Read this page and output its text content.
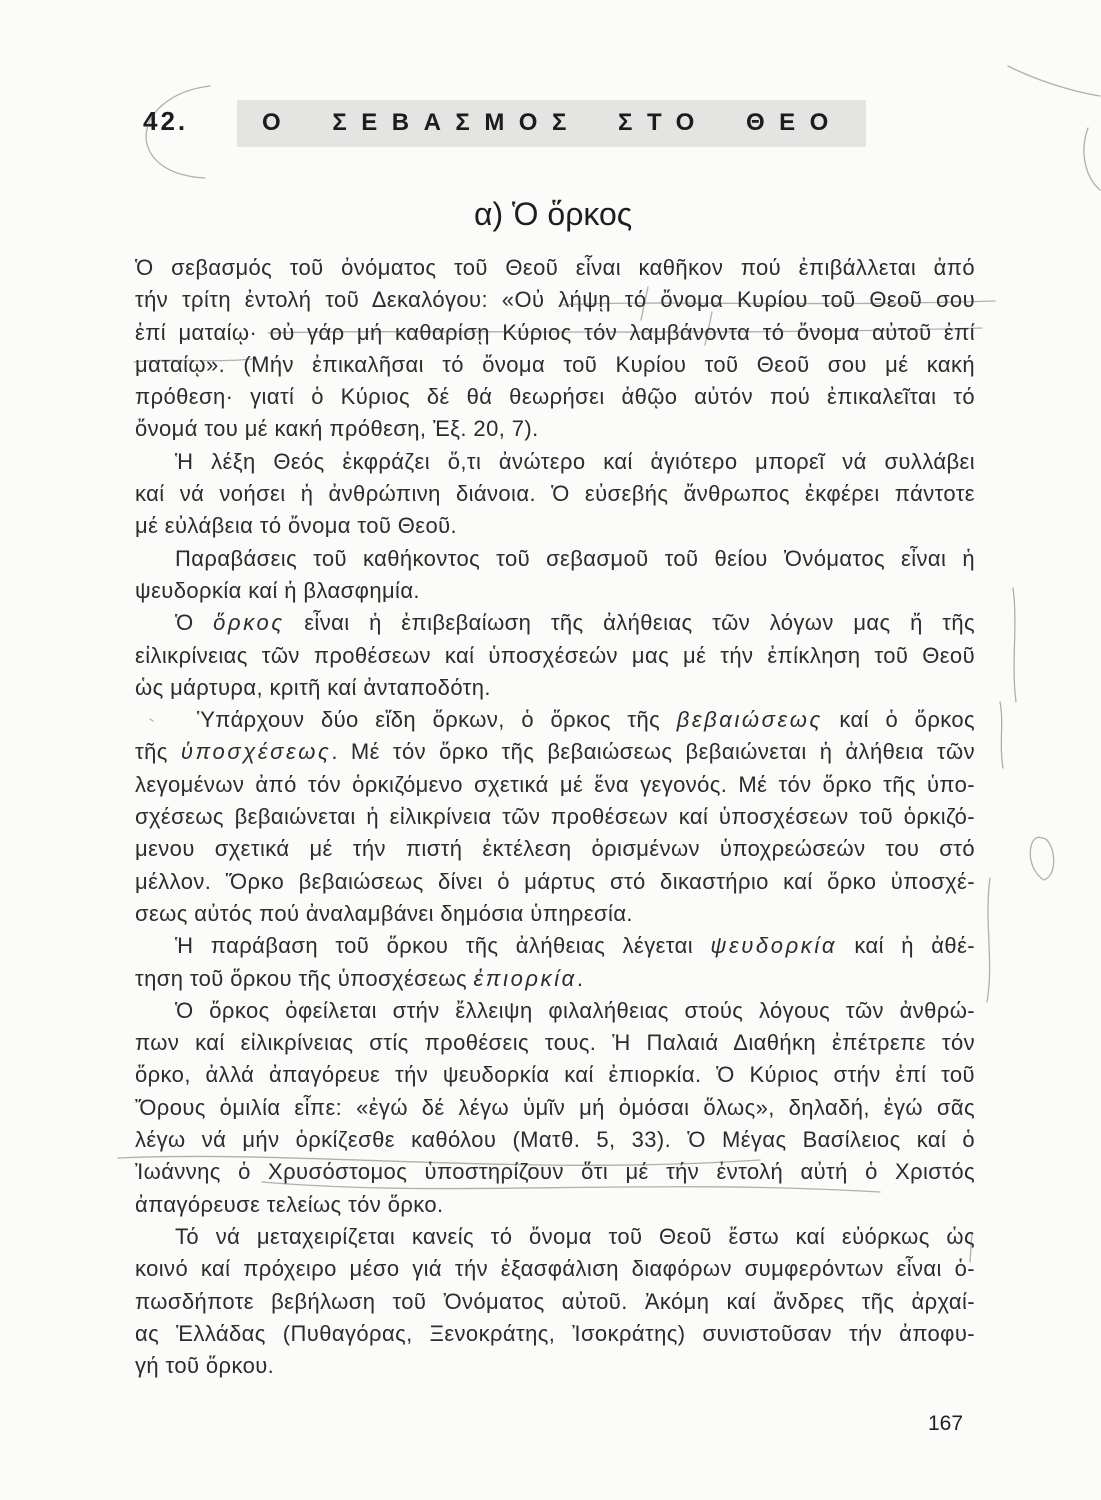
42.	Ο ΣΕΒΑΣΜΟΣ ΣΤΟ ΘΕΟ
α) Ὁ ὅρκος
Ὁ σεβασμός τοῦ ὀνόματος τοῦ Θεοῦ εἶναι καθῆκον πού ἐπιβάλλεται ἀπό
τήν τρίτη ἐντολή τοῦ Δεκαλόγου: «Οὐ λήψῃ τό ὄνομα Κυρίου τοῦ Θεοῦ σου
ἐπί ματαίῳ· οὐ γάρ μή καθαρίσῃ Κύριος τόν λαμβάνοντα τό ὄνομα αὐτοῦ ἐπί
ματαίῳ». (Μήν ἐπικαλῆσαι τό ὄνομα τοῦ Κυρίου τοῦ Θεοῦ σου μέ κακή
πρόθεση· γιατί ὁ Κύριος δέ θά θεωρήσει ἀθῷο αὐτόν πού ἐπικαλεῖται τό
ὄνομά του μέ κακή πρόθεση, Ἐξ. 20, 7).
Ἡ λέξη Θεός ἐκφράζει ὅ,τι ἀνώτερο καί ἁγιότερο μπορεῖ νά συλλάβει
καί νά νοήσει ἡ ἀνθρώπινη διάνοια. Ὁ εὐσεβής ἄνθρωπος ἐκφέρει πάντοτε
μέ εὐλάβεια τό ὄνομα τοῦ Θεοῦ.
Παραβάσεις τοῦ καθήκοντος τοῦ σεβασμοῦ τοῦ θείου Ὀνόματος εἶναι ἡ
ψευδορκία καί ἡ βλασφημία.
Ὁ ὅρκος εἶναι ἡ ἐπιβεβαίωση τῆς ἀλήθειας τῶν λόγων μας ἤ τῆς
εἰλικρίνειας τῶν προθέσεων καί ὑποσχέσεών μας μέ τήν ἐπίκληση τοῦ Θεοῦ
ὡς μάρτυρα, κριτῆ καί ἀνταποδότη.
Ὑπάρχουν δύο εἴδη ὅρκων, ὁ ὅρκος τῆς βεβαιώσεως καί ὁ ὅρκος
τῆς ὑποσχέσεως. Μέ τόν ὅρκο τῆς βεβαιώσεως βεβαιώνεται ἡ ἀλήθεια τῶν
λεγομένων ἀπό τόν ὁρκιζόμενο σχετικά μέ ἕνα γεγονός. Μέ τόν ὅρκο τῆς ὑπο-
σχέσεως βεβαιώνεται ἡ εἰλικρίνεια τῶν προθέσεων καί ὑποσχέσεων τοῦ ὁρκιζό-
μενου σχετικά μέ τήν πιστή ἐκτέλεση ὁρισμένων ὑποχρεώσεών του στό
μέλλον. Ὅρκο βεβαιώσεως δίνει ὁ μάρτυς στό δικαστήριο καί ὅρκο ὑποσχέ-
σεως αὐτός πού ἀναλαμβάνει δημόσια ὑπηρεσία.
Ἡ παράβαση τοῦ ὅρκου τῆς ἀλήθειας λέγεται ψευδορκία καί ἡ ἀθέ-
τηση τοῦ ὅρκου τῆς ὑποσχέσεως ἐπιορκία.
Ὁ ὅρκος ὀφείλεται στήν ἔλλειψη φιλαλήθειας στούς λόγους τῶν ἀνθρώ-
πων καί εἰλικρίνειας στίς προθέσεις τους. Ἡ Παλαιά Διαθήκη ἐπέτρεπε τόν
ὅρκο, ἀλλά ἀπαγόρευε τήν ψευδορκία καί ἐπιορκία. Ὁ Κύριος στήν ἐπί τοῦ
Ὄρους ὁμιλία εἶπε: «ἐγώ δέ λέγω ὑμῖν μή ὀμόσαι ὅλως», δηλαδή, ἐγώ σᾶς
λέγω νά μήν ὁρκίζεσθε καθόλου (Ματθ. 5, 33). Ὁ Μέγας Βασίλειος καί ὁ
Ἰωάννης ὁ Χρυσόστομος ὑποστηρίζουν ὅτι μέ τήν ἐντολή αὐτή ὁ Χριστός
ἀπαγόρευσε τελείως τόν ὅρκο.
Τό νά μεταχειρίζεται κανείς τό ὄνομα τοῦ Θεοῦ ἔστω καί εὐόρκως ὡς
κοινό καί πρόχειρο μέσο γιά τήν ἐξασφάλιση διαφόρων συμφερόντων εἶναι ὁ-
πωσδήποτε βεβήλωση τοῦ Ὀνόματος αὐτοῦ. Ἀκόμη καί ἄνδρες τῆς ἀρχαί-
ας Ἑλλάδας (Πυθαγόρας, Ξενοκράτης, Ἰσοκράτης) συνιστοῦσαν τήν ἀποφυ-
γή τοῦ ὅρκου.
167
